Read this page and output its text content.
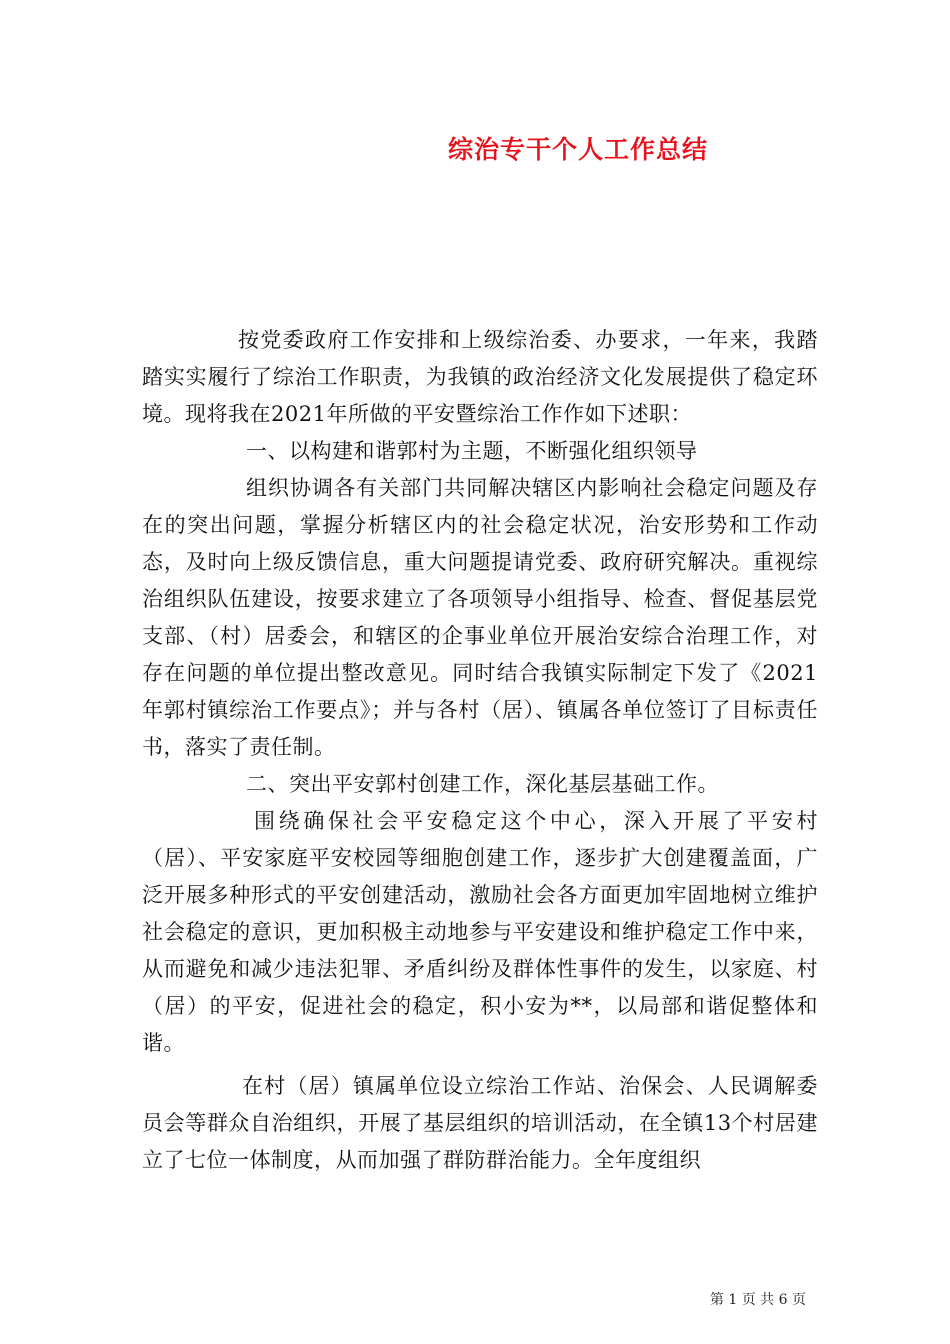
综治专干个人工作总结

按党委政府工作安排和上级综治委、办要求，一年来，我踏踏实实履行了综治工作职责，为我镇的政治经济文化发展提供了稳定环境。现将我在2021年所做的平安暨综治工作作如下述职：

一、以构建和谐郭村为主题，不断强化组织领导

组织协调各有关部门共同解决辖区内影响社会稳定问题及存在的突出问题，掌握分析辖区内的社会稳定状况，治安形势和工作动态，及时向上级反馈信息，重大问题提请党委、政府研究解决。重视综治组织队伍建设，按要求建立了各项领导小组指导、检查、督促基层党支部、（村）居委会，和辖区的企事业单位开展治安综合治理工作，对存在问题的单位提出整改意见。同时结合我镇实际制定下发了《2021年郭村镇综治工作要点》；并与各村（居）、镇属各单位签订了目标责任书，落实了责任制。

二、突出平安郭村创建工作，深化基层基础工作。

围绕确保社会平安稳定这个中心，深入开展了平安村（居）、平安家庭平安校园等细胞创建工作，逐步扩大创建覆盖面，广泛开展多种形式的平安创建活动，激励社会各方面更加牢固地树立维护社会稳定的意识，更加积极主动地参与平安建设和维护稳定工作中来，从而避免和减少违法犯罪、矛盾纠纷及群体性事件的发生，以家庭、村（居）的平安，促进社会的稳定，积小安为**，以局部和谐促整体和谐。

在村（居）镇属单位设立综治工作站、治保会、人民调解委员会等群众自治组织，开展了基层组织的培训活动，在全镇13个村居建立了七位一体制度，从而加强了群防群治能力。全年度组织

第 1 页 共 6 页
